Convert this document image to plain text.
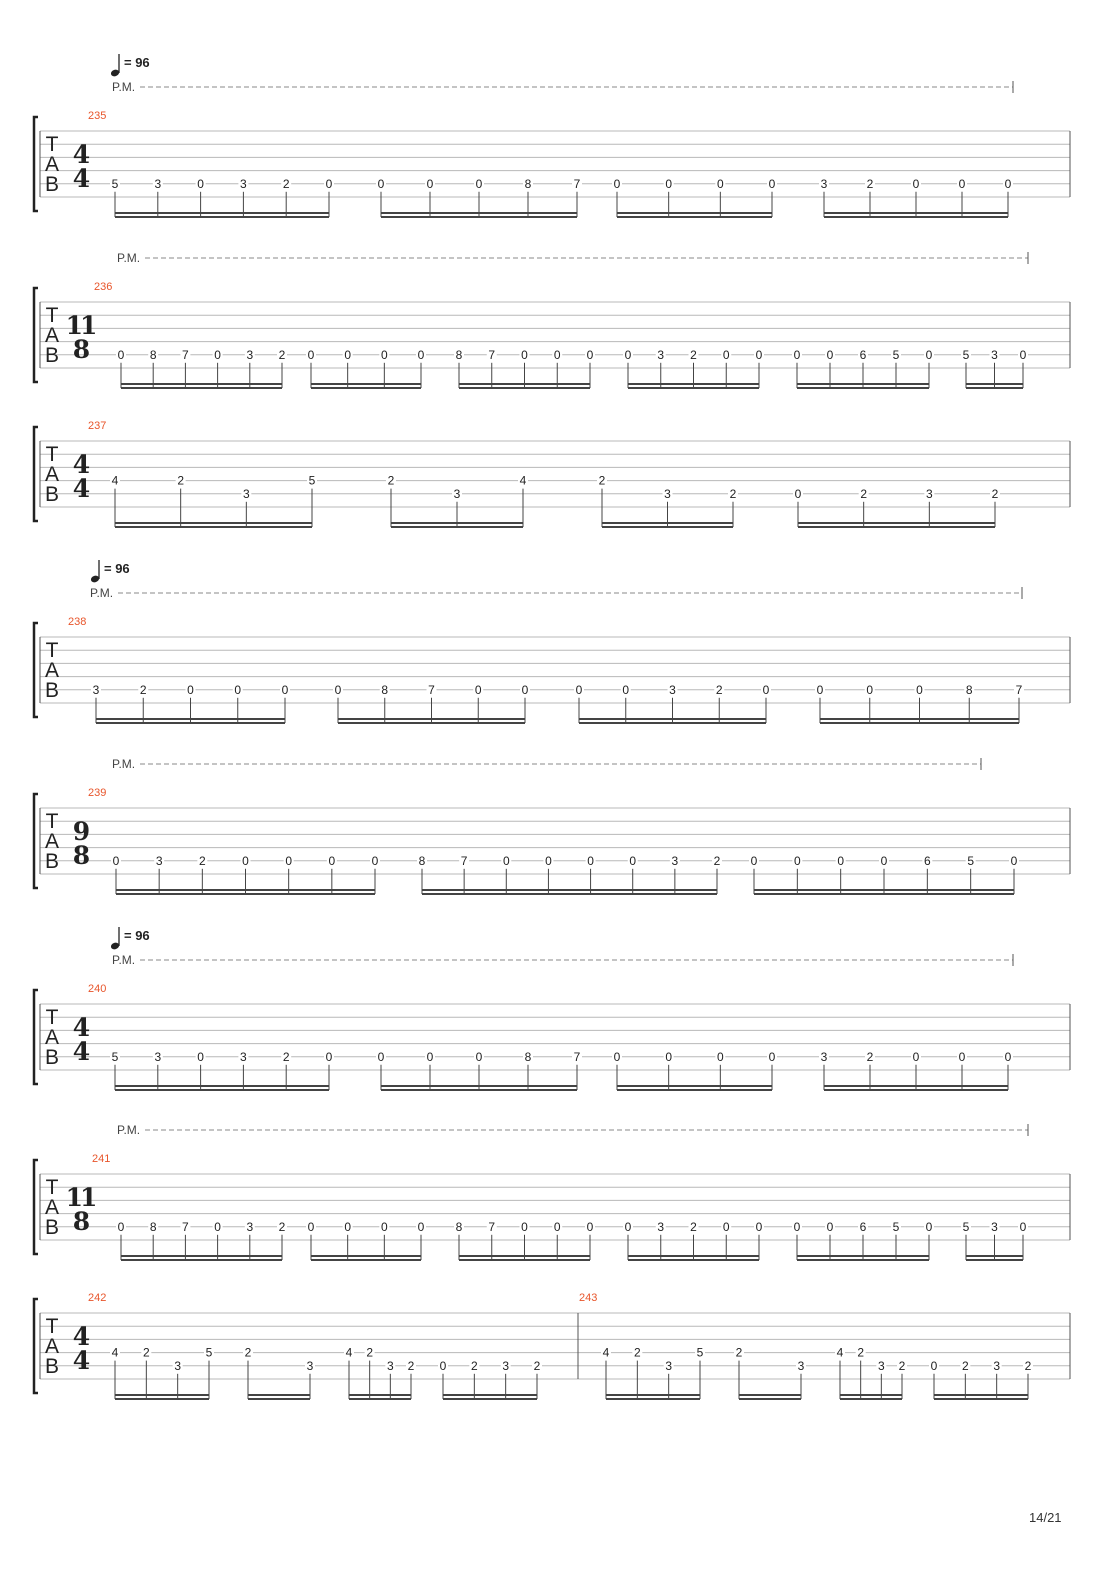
T
A
B
= 96
P.M.
235
4
4 5	3	0	3	2	0	0	0	0	8	7	0	0	0	0	3	2	0	0	0
T
A
B
P.M.
236
11
8	0 8 7 0 3 2 0 0 0 0	8 7 0 0 0	0 3 2 0 0	0 0 6 5 0	5 3 0
T
A
B
237
4
4 4	2
3
5	2
3
4	2
3	2	0	2	3	2
T
A
B
= 96
P.M.
238
3	2	0	0	0	0	8	7	0	0	0	0	3	2	0	0	0	0	8	7
T
A
B
P.M.
239
9
8 0	3	2	0	0	0	0	8	7	0	0	0	0	3	2	0	0	0	0	6	5	0
T
A
B
= 96
P.M.
240
4
4 5	3	0	3	2	0	0	0	0	8	7	0	0	0	0	3	2	0	0	0
T
A
B
P.M.
241
11
8	0 8 7 0 3 2 0 0 0 0	8 7 0 0 0	0 3 2 0 0	0 0 6 5 0	5 3 0
T
A
B
242
4
4 4 2
3
5	2
3
4 2
3 2 0 2 3 2
243
4 2
3
5	2
3
4 2
3 2 0 2 3 2
14/21
